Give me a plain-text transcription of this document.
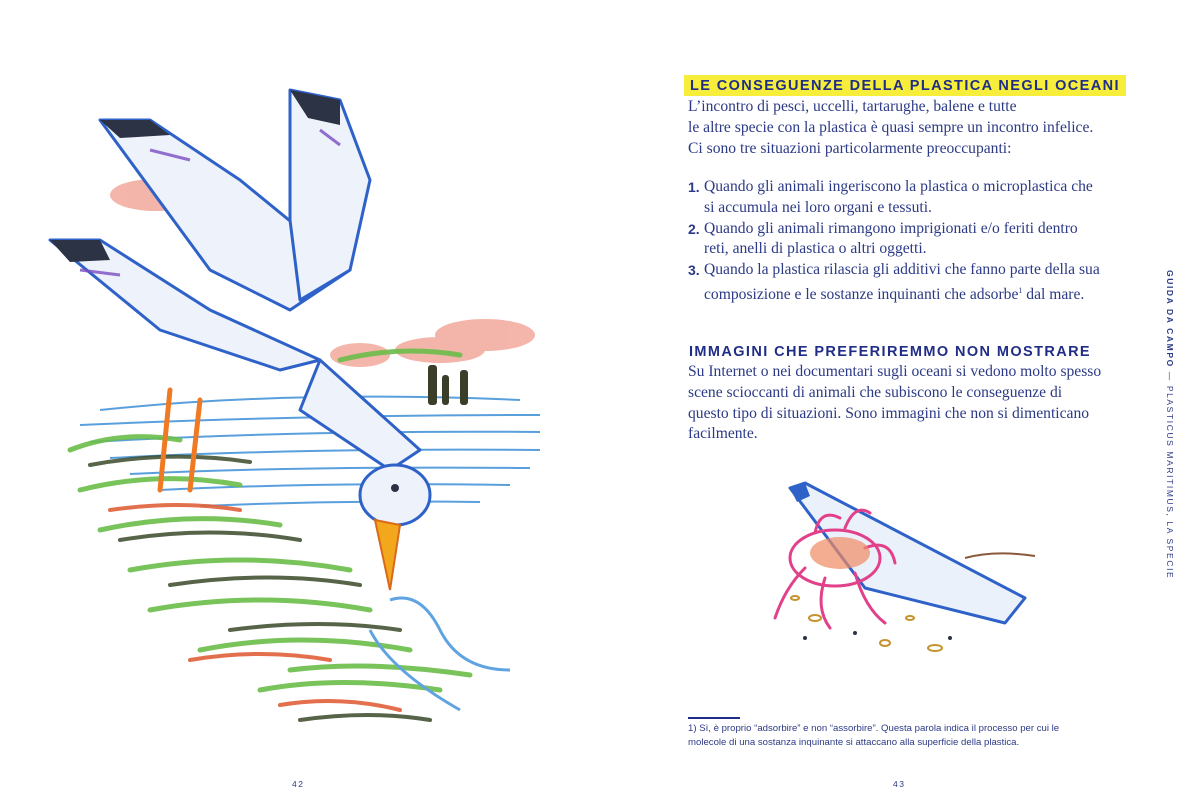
42
LE CONSEGUENZE DELLA PLASTICA NEGLI OCEANI
L’incontro di pesci, uccelli, tartarughe, balene e tutte
le altre specie con la plastica è quasi sempre un incontro infelice.
Ci sono tre situazioni particolarmente preoccupanti:
1. Quando gli animali ingeriscono la plastica o microplastica che
si accumula nei loro organi e tessuti.
2. Quando gli animali rimangono imprigionati e/o feriti dentro
reti, anelli di plastica o altri oggetti.
3. Quando la plastica rilascia gli additivi che fanno parte della sua
composizione e le sostanze inquinanti che adsorbe$^1$ dal mare.
IMMAGINI CHE PREFERIREMMO NON MOSTRARE
Su Internet o nei documentari sugli oceani si vedono molto spesso
scene scioccanti di animali che subiscono le conseguenze di
questo tipo di situazioni. Sono immagini che non si dimenticano
facilmente.
1) Sì, è proprio “adsorbire” e non “assorbire”. Questa parola indica il processo per cui le
molecole di una sostanza inquinante si attaccano alla superficie della plastica.
43
GUIDA DA CAMPO — PLASTICUS MARITIMUS, LA SPECIE
